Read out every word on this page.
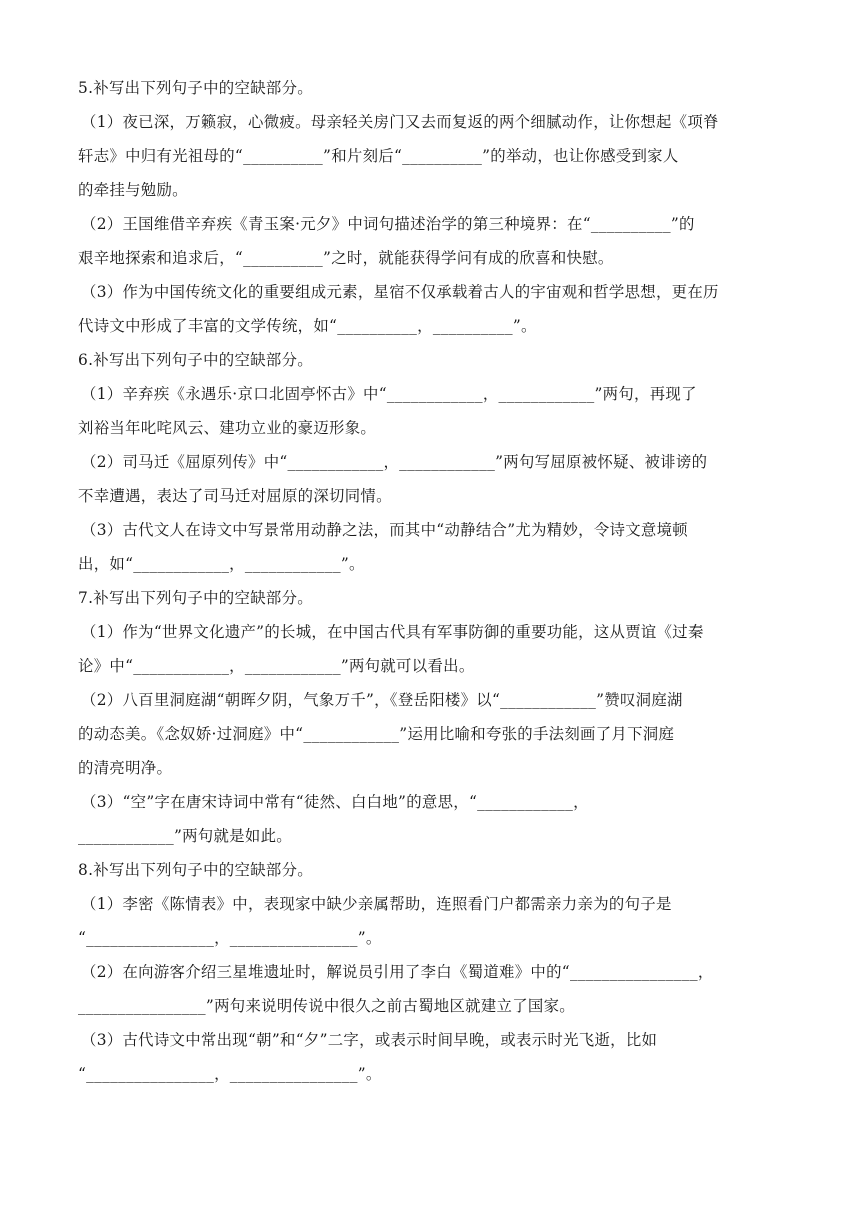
5.补写出下列句子中的空缺部分。
（1）夜已深，万籁寂，心微疲。母亲轻关房门又去而复返的两个细腻动作，让你想起《项脊
轩志》中归有光祖母的“__________”和片刻后“__________”的举动，也让你感受到家人
的牵挂与勉励。
（2）王国维借辛弃疾《青玉案·元夕》中词句描述治学的第三种境界：在“__________”的
艰辛地探索和追求后，“__________”之时，就能获得学问有成的欣喜和快慰。
（3）作为中国传统文化的重要组成元素，星宿不仅承载着古人的宇宙观和哲学思想，更在历
代诗文中形成了丰富的文学传统，如“__________，__________”。
6.补写出下列句子中的空缺部分。
（1）辛弃疾《永遇乐·京口北固亭怀古》中“____________，____________”两句，再现了
刘裕当年叱咤风云、建功立业的豪迈形象。
（2）司马迁《屈原列传》中“____________，____________”两句写屈原被怀疑、被诽谤的
不幸遭遇，表达了司马迁对屈原的深切同情。
（3）古代文人在诗文中写景常用动静之法，而其中“动静结合”尤为精妙，令诗文意境顿
出，如“____________，____________”。
7.补写出下列句子中的空缺部分。
（1）作为“世界文化遗产”的长城，在中国古代具有军事防御的重要功能，这从贾谊《过秦
论》中“____________，____________”两句就可以看出。
（2）八百里洞庭湖“朝晖夕阴，气象万千”，《登岳阳楼》以“____________”赞叹洞庭湖
的动态美。《念奴娇·过洞庭》中“____________”运用比喻和夸张的手法刻画了月下洞庭
的清亮明净。
（3）“空”字在唐宋诗词中常有“徒然、白白地”的意思，“____________，
____________”两句就是如此。
8.补写出下列句子中的空缺部分。
（1）李密《陈情表》中，表现家中缺少亲属帮助，连照看门户都需亲力亲为的句子是
“________________，________________”。
（2）在向游客介绍三星堆遗址时，解说员引用了李白《蜀道难》中的“________________，
________________”两句来说明传说中很久之前古蜀地区就建立了国家。
（3）古代诗文中常出现“朝”和“夕”二字，或表示时间早晚，或表示时光飞逝，比如
“________________，________________”。
